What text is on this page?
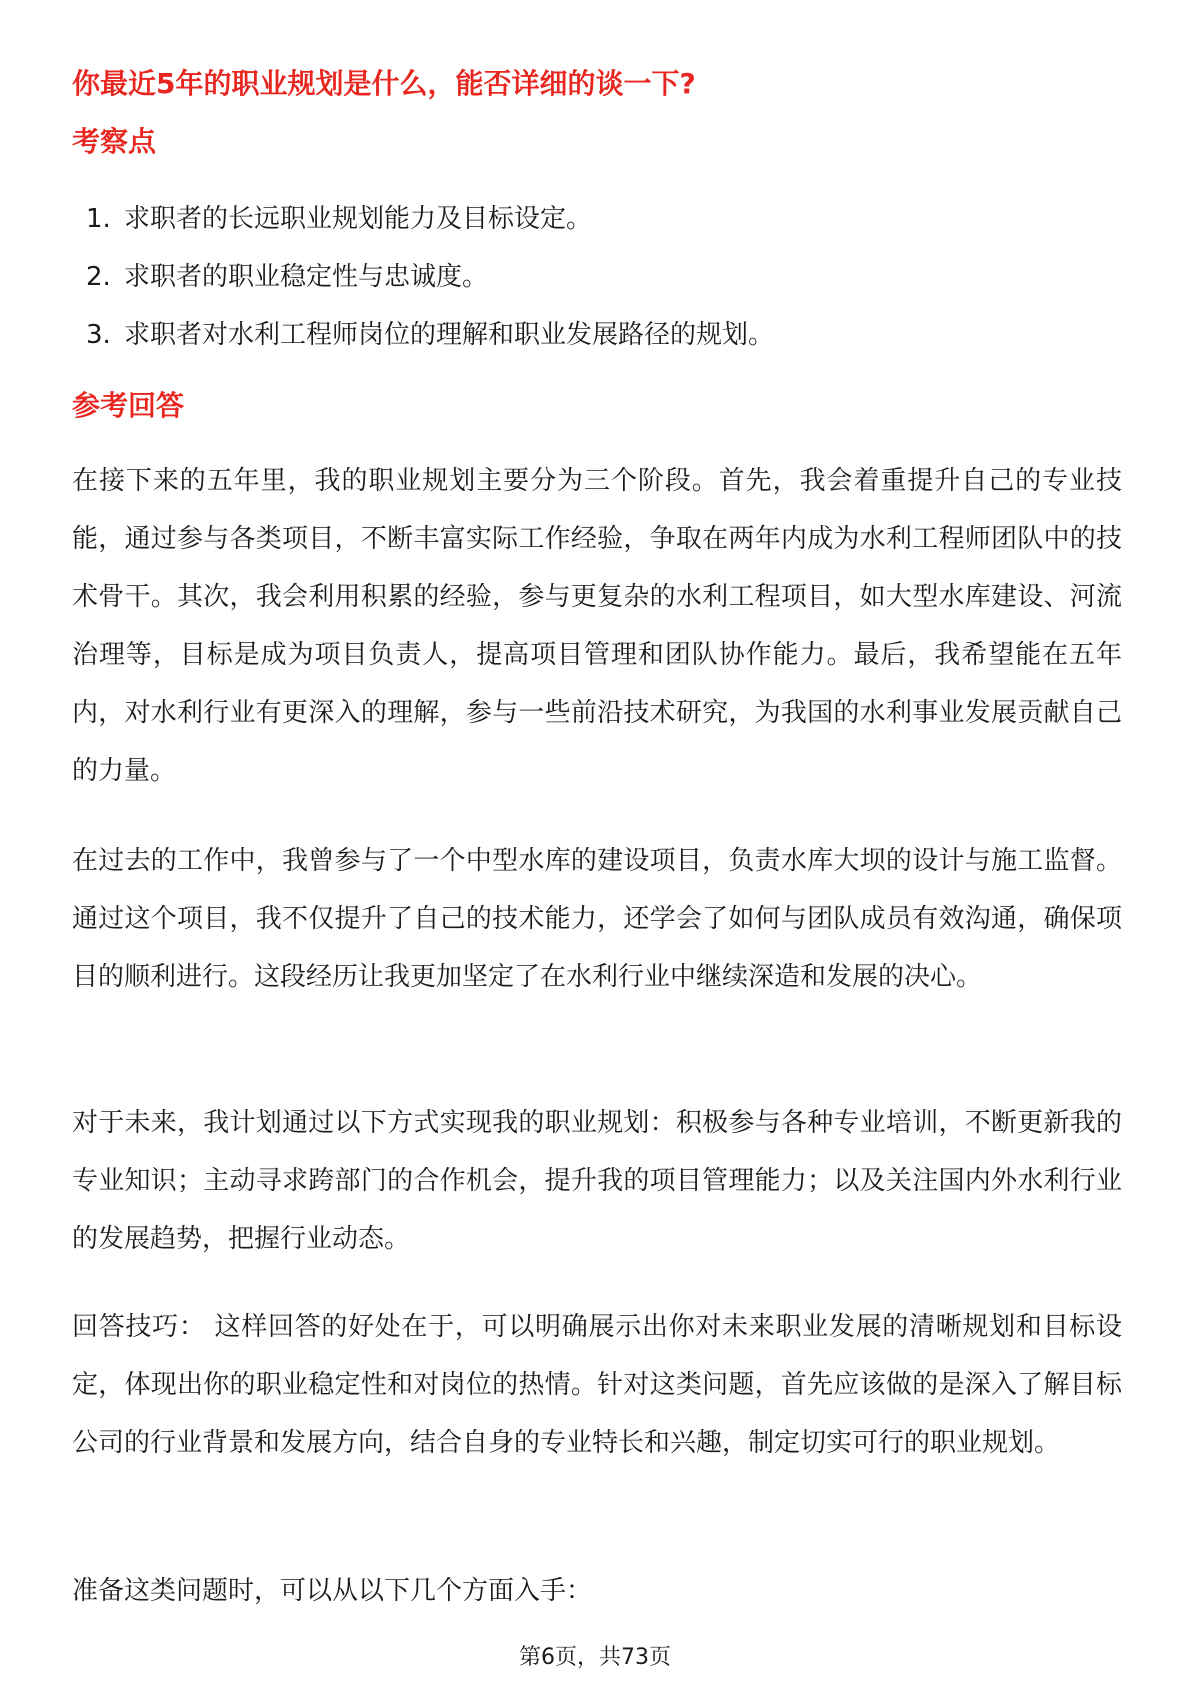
你最近5年的职业规划是什么，能否详细的谈一下?
考察点
1. 求职者的长远职业规划能力及目标设定。
2. 求职者的职业稳定性与忠诚度。
3. 求职者对水利工程师岗位的理解和职业发展路径的规划。
参考回答

在接下来的五年里，我的职业规划主要分为三个阶段。首先，我会着重提升自己的专业技能，通过参与各类项目，不断丰富实际工作经验，争取在两年内成为水利工程师团队中的技术骨干。其次，我会利用积累的经验，参与更复杂的水利工程项目，如大型水库建设、河流治理等，目标是成为项目负责人，提高项目管理和团队协作能力。最后，我希望能在五年内，对水利行业有更深入的理解，参与一些前沿技术研究，为我国的水利事业发展贡献自己的力量。

在过去的工作中，我曾参与了一个中型水库的建设项目，负责水库大坝的设计与施工监督。通过这个项目，我不仅提升了自己的技术能力，还学会了如何与团队成员有效沟通，确保项目的顺利进行。这段经历让我更加坚定了在水利行业中继续深造和发展的决心。

对于未来，我计划通过以下方式实现我的职业规划：积极参与各种专业培训，不断更新我的专业知识；主动寻求跨部门的合作机会，提升我的项目管理能力；以及关注国内外水利行业的发展趋势，把握行业动态。

回答技巧： 这样回答的好处在于，可以明确展示出你对未来职业发展的清晰规划和目标设定，体现出你的职业稳定性和对岗位的热情。针对这类问题，首先应该做的是深入了解目标公司的行业背景和发展方向，结合自身的专业特长和兴趣，制定切实可行的职业规划。

准备这类问题时，可以从以下几个方面入手：

第6页，共73页
